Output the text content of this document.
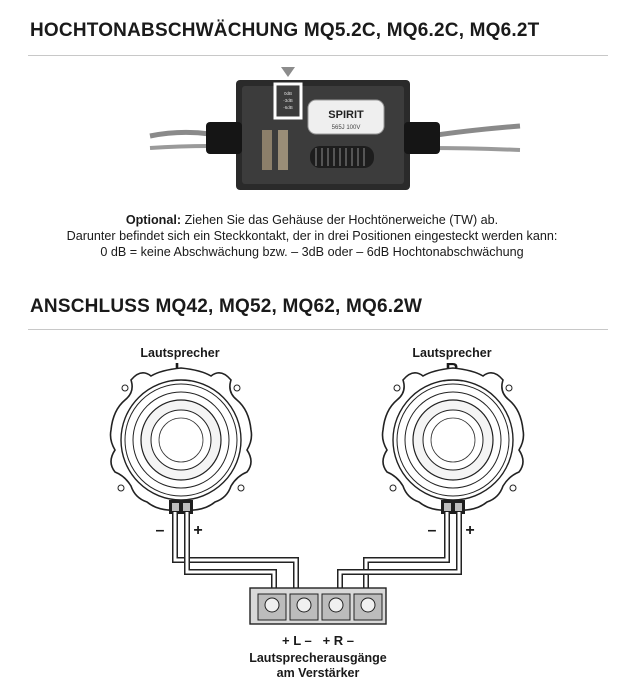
HOCHTONABSCHWÄCHUNG MQ5.2C, MQ6.2C, MQ6.2T
SPIRIT
565J 100V
0dB
-3dB
-6dB
Optional: Ziehen Sie das Gehäuse der Hochtönerweiche (TW) ab.
Darunter befindet sich ein Steckkontakt, der in drei Positionen eingesteckt werden kann:
0 dB = keine Abschwächung bzw. – 3dB oder – 6dB Hochtonabschwächung
ANSCHLUSS MQ42, MQ52, MQ62, MQ6.2W
Lautsprecher	Lautsprecher
– +	– +
+ L –   + R –
Lautsprecherausgänge
am Verstärker
